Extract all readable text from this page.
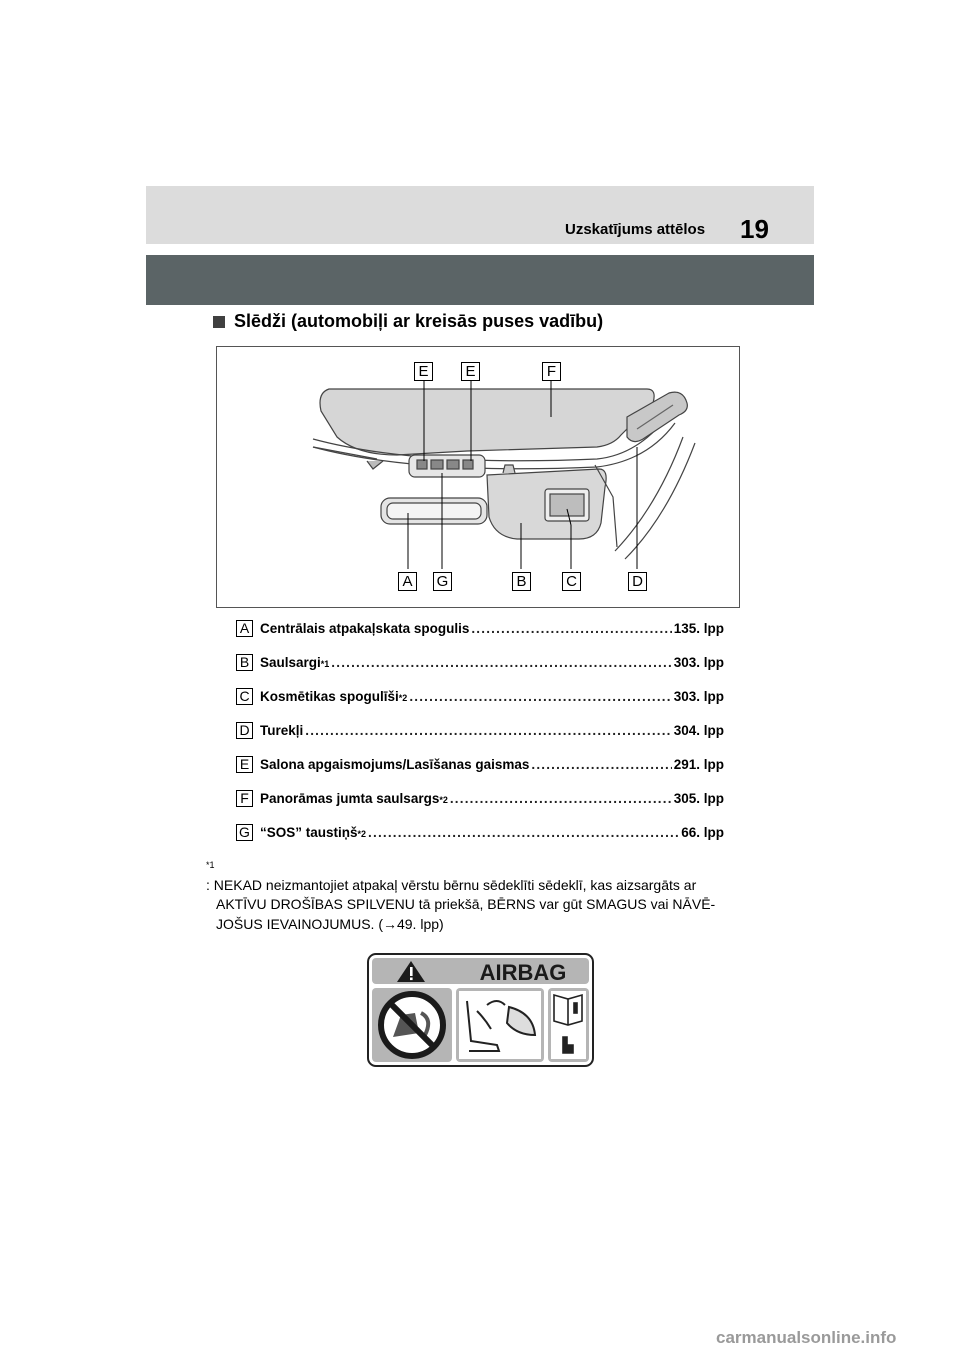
Uzskatījums attēlos 19
Slēdži (automobiļi ar kreisās puses vadību)
E	E	F
A	G	B	C	D
A Centrālais atpakaļskata spogulis .....	135. lpp
B Saulsargi *1 .....	303. lpp
C Kosmētikas spogulīši *2 .....	303. lpp
D Turekļi .....	304. lpp
E Salona apgaismojums/Lasīšanas gaismas .....	291. lpp
F Panorāmas jumta saulsargs *2 .....	305. lpp
G “SOS” taustiņš *2 .....	66. lpp
$^{*1}$
: NEKAD neizmantojiet atpakaļ vērstu bērnu sēdeklīti sēdeklī, kas aizsargāts ar
AKTĪVU DROŠĪBAS SPILVENU tā priekšā, BĒRNS var gūt SMAGUS vai NĀVĒ-
JOŠUS IEVAINOJUMUS. (→49. lpp)
AIRBAG
carmanualsonline.info
